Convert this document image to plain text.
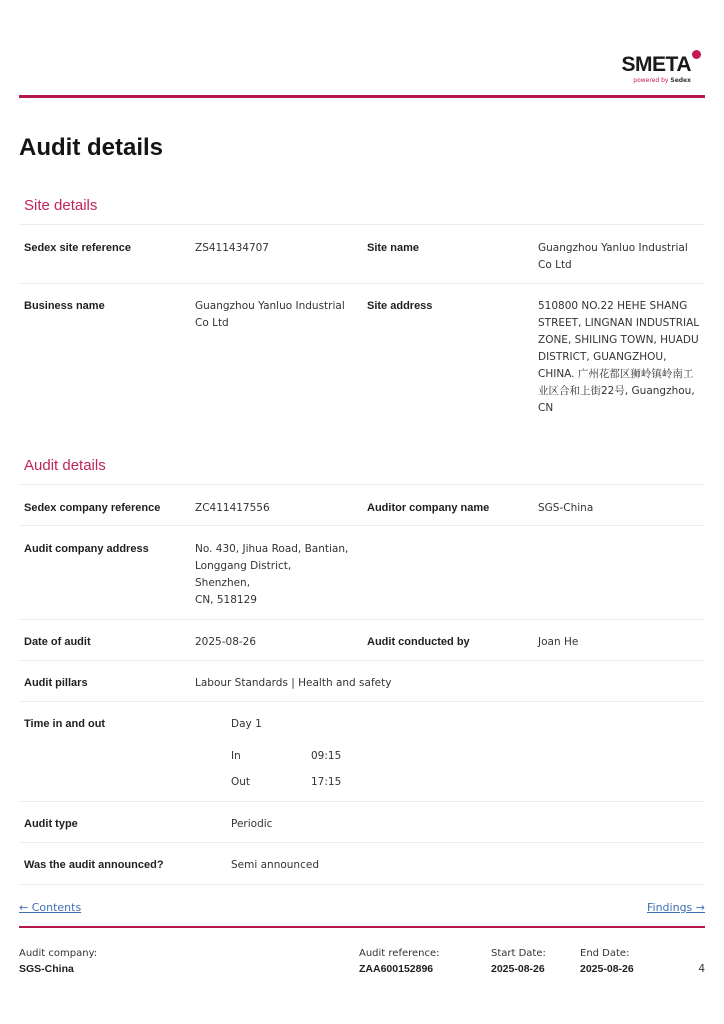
SMETA
powered by Sedex
Audit details
Site details
Sedex site reference	ZS411434707	Site name	Guangzhou Yanluo Industrial
Co Ltd
Business name	Guangzhou Yanluo Industrial
Co Ltd
Site address	510800 NO.22 HEHE SHANG
STREET, LINGNAN INDUSTRIAL
ZONE, SHILING TOWN, HUADU
DISTRICT, GUANGZHOU,
CHINA. 广州花都区狮岭镇岭南工
业区合和上街22号, Guangzhou,
CN
Audit details
Sedex company reference	ZC411417556	Auditor company name	SGS-China
Audit company address	No. 430, Jihua Road, Bantian,
Longgang District,
Shenzhen,
CN, 518129
Date of audit	2025-08-26	Audit conducted by	Joan He
Audit pillars	Labour Standards | Health and safety
Time in and out	Day 1
In	09:15
Out	17:15
Audit type	Periodic
Was the audit announced?	Semi announced
← Contents	Findings →
Audit company:
SGS-China
Audit reference:
ZAA600152896
Start Date:
2025-08-26
End Date:
2025-08-26	4
